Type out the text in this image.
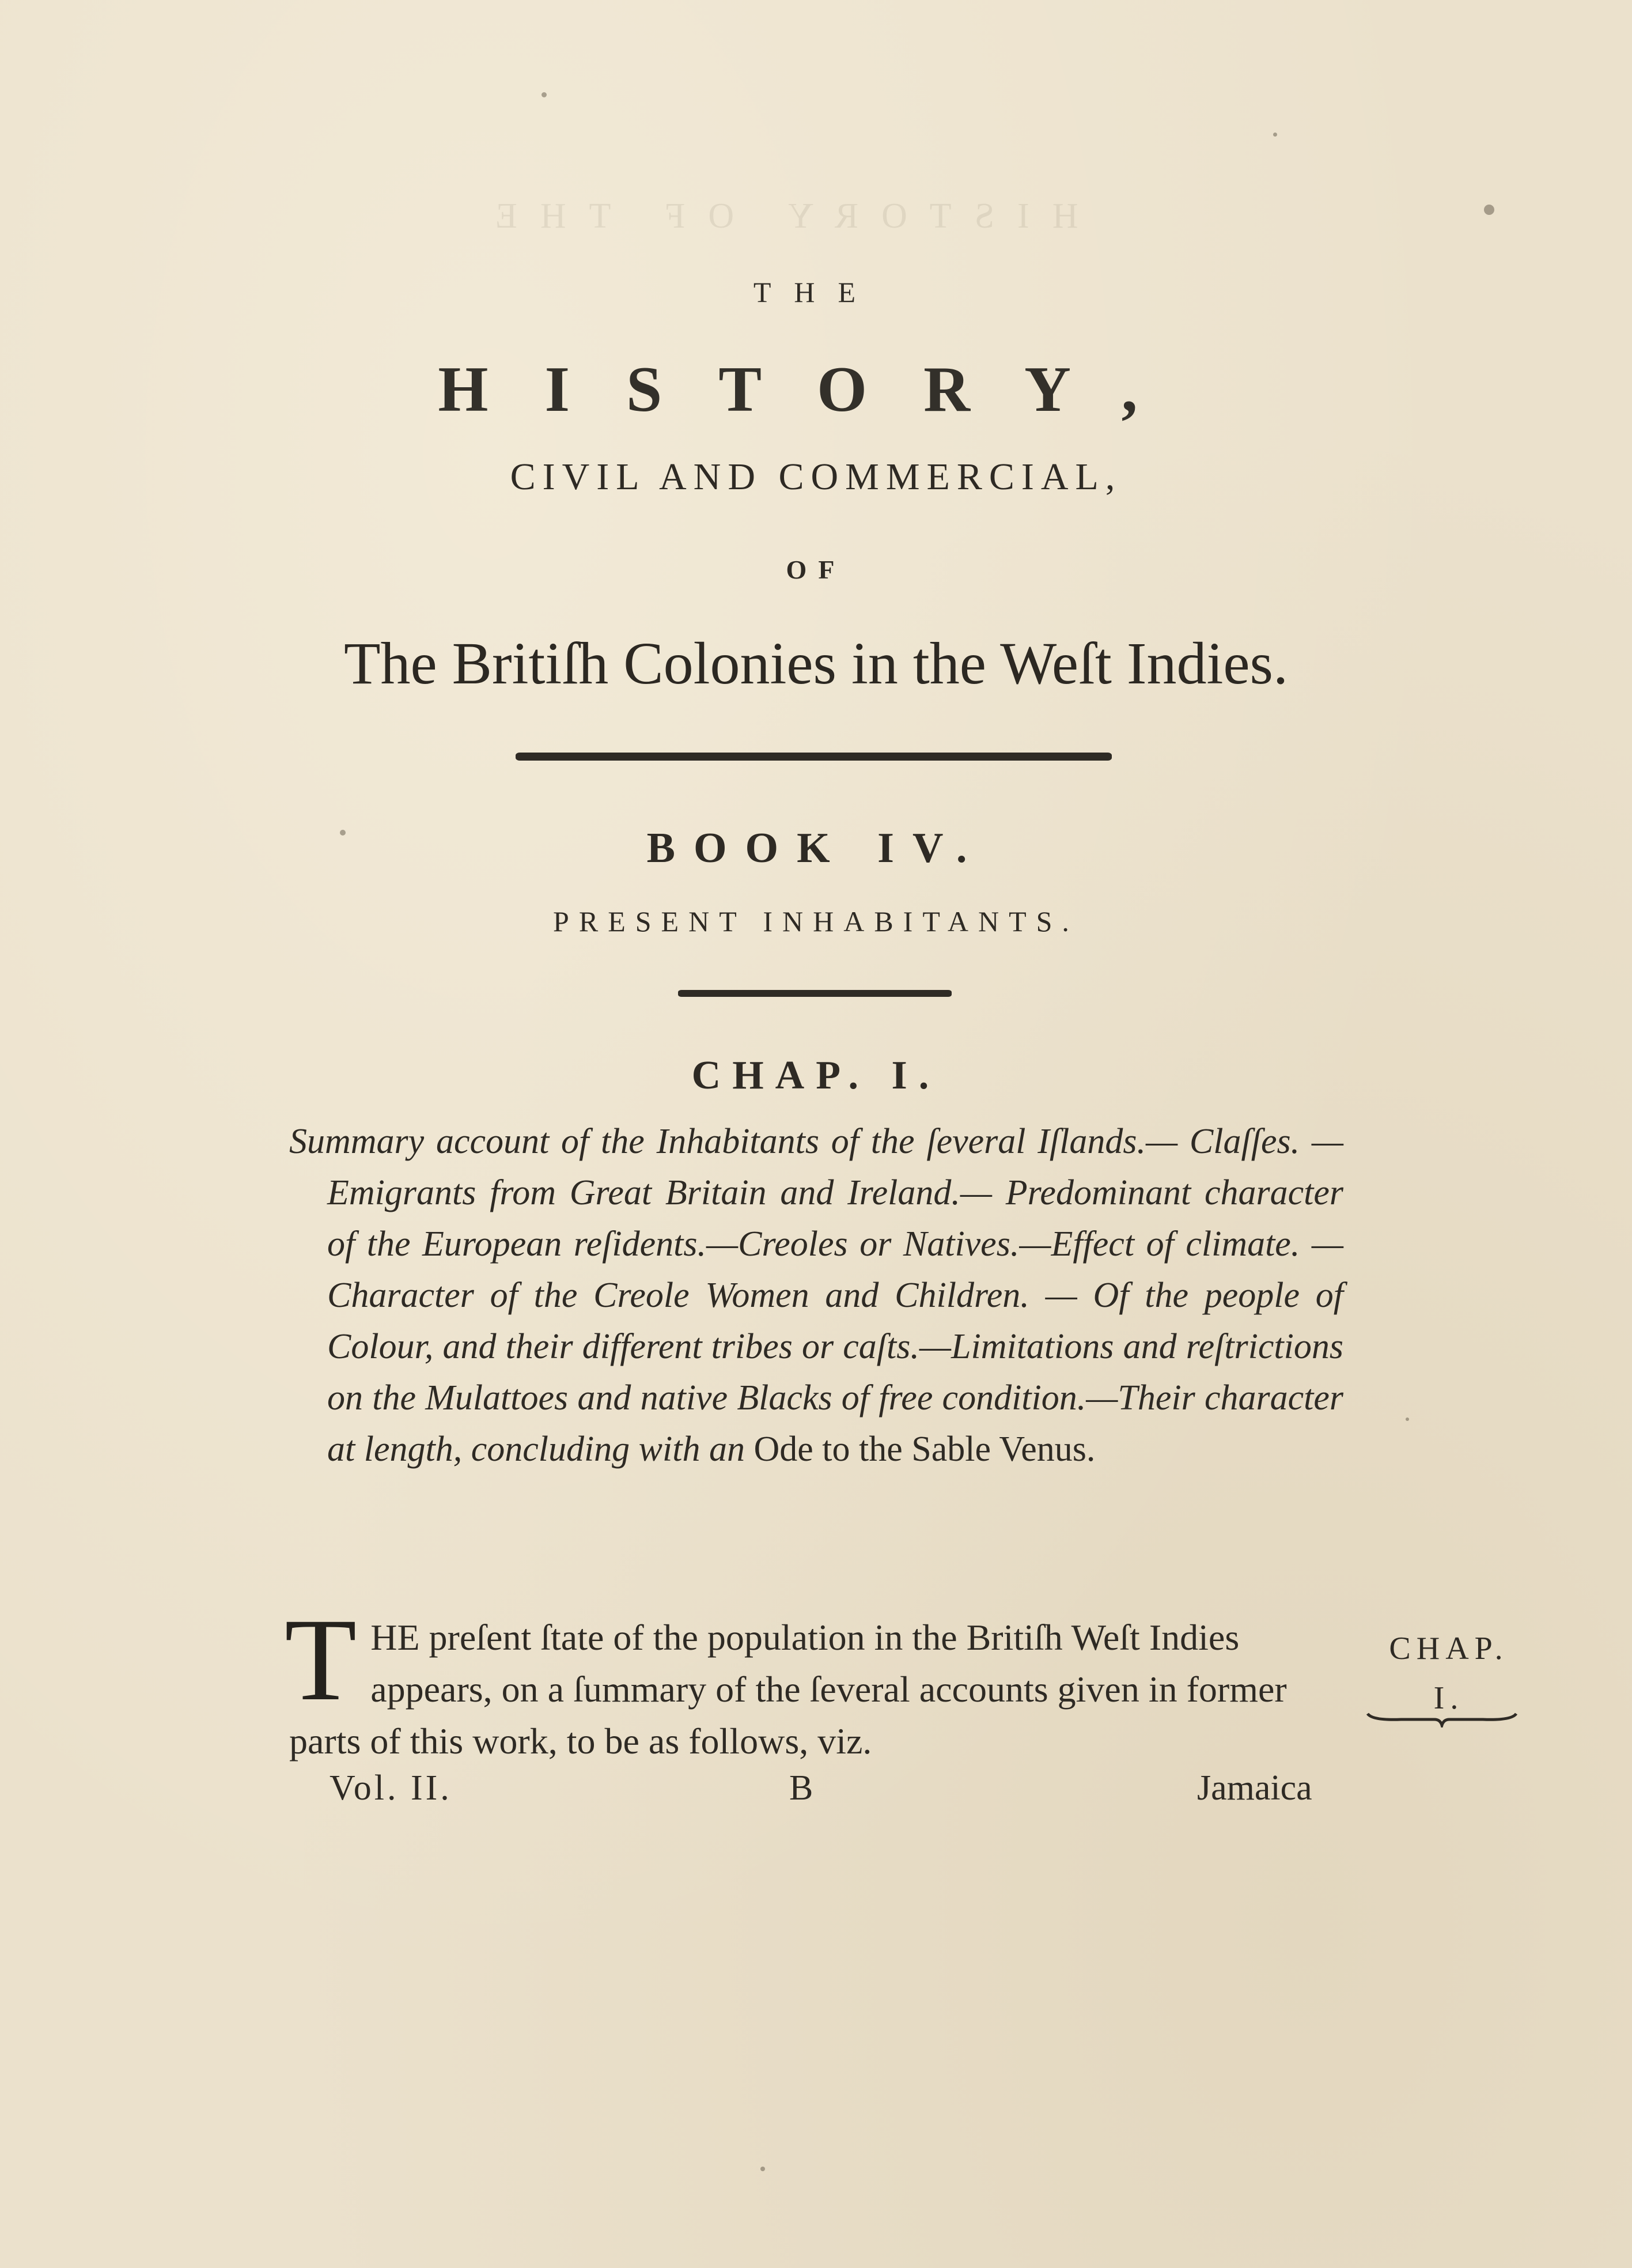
HISTORY OF THE
THE
HISTORY,
CIVIL AND COMMERCIAL,
OF
The Britiſh Colonies in the Weſt Indies.
BOOK IV.
PRESENT INHABITANTS.
CHAP. I.
Summary account of the Inhabitants of the ſeveral Iſlands.— Claſſes. — Emigrants from Great Britain and Ireland.— Predominant character of the European reſidents.—Creoles or Natives.—Effect of climate. — Character of the Creole Women and Children. — Of the people of Colour, and their different tribes or caſts.—Limitations and reſtrictions on the Mulattoes and native Blacks of free condition.—Their character at length, concluding with an Ode to the Sable Venus.
THE preſent ſtate of the population in the Britiſh Weſt Indies appears, on a ſummary of the ſeveral accounts given in former parts of this work, to be as follows, viz.
CHAP.
I.
Vol. II.	B	Jamaica
